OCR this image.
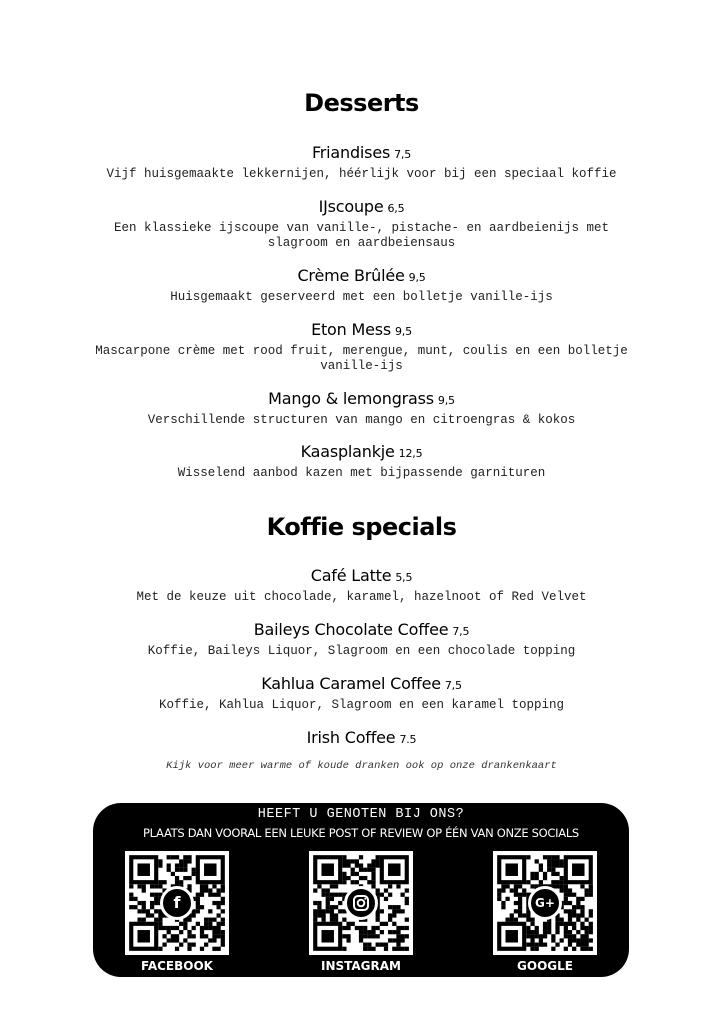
Desserts
Friandises 7,5
Vijf huisgemaakte lekkernijen, héérlijk voor bij een speciaal koffie
IJscoupe 6,5
Een klassieke ijscoupe van vanille-, pistache- en aardbeienijs met slagroom en aardbeiensaus
Crème Brûlée 9,5
Huisgemaakt geserveerd met een bolletje vanille-ijs
Eton Mess 9,5
Mascarpone crème met rood fruit, merengue, munt, coulis en een bolletje vanille-ijs
Mango & lemongrass 9,5
Verschillende structuren van mango en citroengras & kokos
Kaasplankje 12,5
Wisselend aanbod kazen met bijpassende garnituren
Koffie specials
Café Latte 5,5
Met de keuze uit chocolade, karamel, hazelnoot of Red Velvet
Baileys Chocolate Coffee 7,5
Koffie, Baileys Liquor, Slagroom en een chocolade topping
Kahlua Caramel Coffee 7,5
Koffie, Kahlua Liquor, Slagroom en een karamel topping
Irish Coffee 7.5
Kijk voor meer warme of koude dranken ook op onze drankenkaart
HEEFT U GENOTEN BIJ ONS?
PLAATS DAN VOORAL EEN LEUKE POST OF REVIEW OP ÉÉN VAN ONZE SOCIALS
f
FACEBOOK	INSTAGRAM
G+
GOOGLE
